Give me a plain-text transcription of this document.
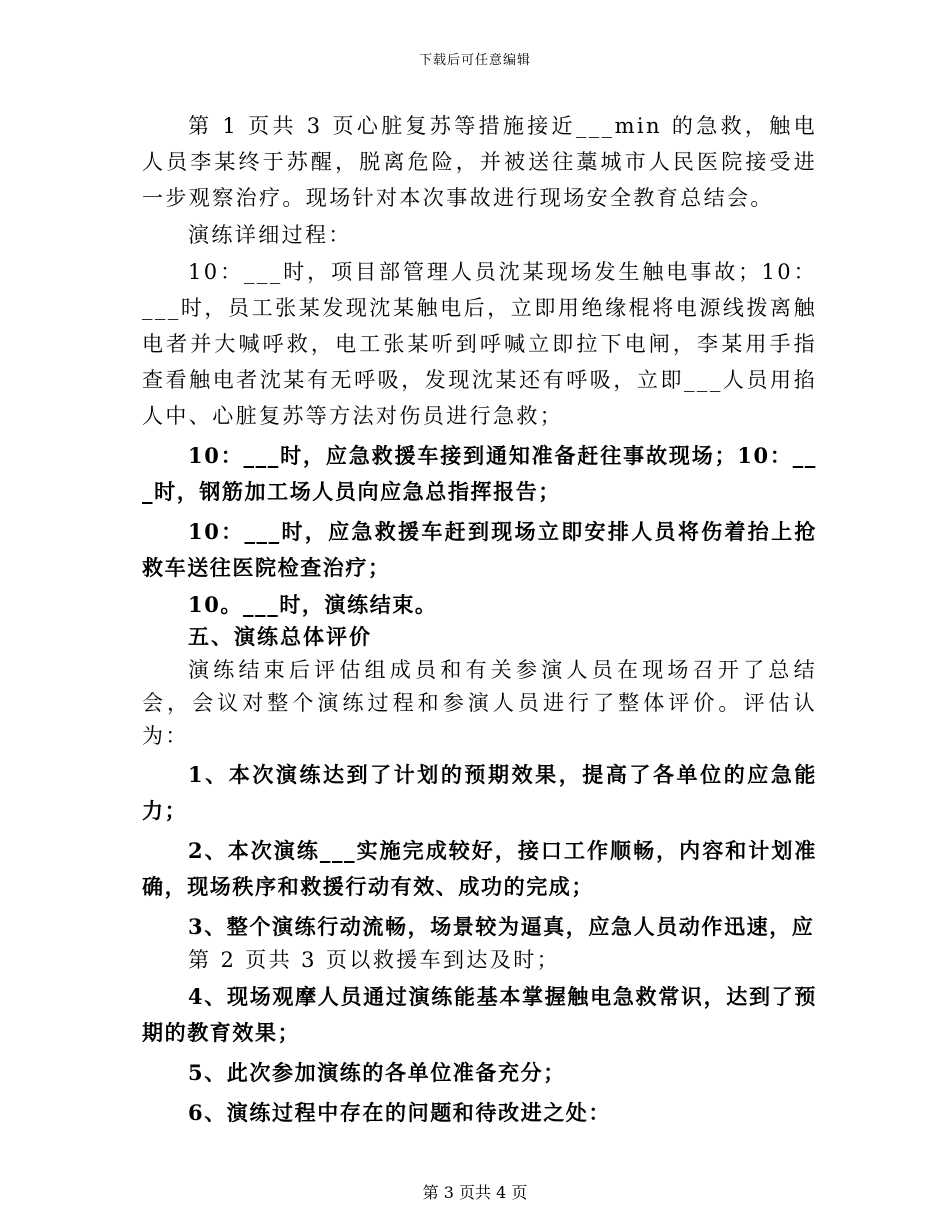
下载后可任意编辑

第 1 页共 3 页心脏复苏等措施接近___min 的急救，触电人员李某终于苏醒，脱离危险，并被送往藁城市人民医院接受进一步观察治疗。现场针对本次事故进行现场安全教育总结会。

演练详细过程：

10：___时，项目部管理人员沈某现场发生触电事故；10：___时，员工张某发现沈某触电后，立即用绝缘棍将电源线拨离触电者并大喊呼救，电工张某听到呼喊立即拉下电闸，李某用手指查看触电者沈某有无呼吸，发现沈某还有呼吸，立即___人员用掐人中、心脏复苏等方法对伤员进行急救；

10：___时，应急救援车接到通知准备赶往事故现场；10：___时，钢筋加工场人员向应急总指挥报告；

10：___时，应急救援车赶到现场立即安排人员将伤着抬上抢救车送往医院检查治疗；

10。___时，演练结束。

五、演练总体评价

演练结束后评估组成员和有关参演人员在现场召开了总结会，会议对整个演练过程和参演人员进行了整体评价。评估认为：

1、本次演练达到了计划的预期效果，提高了各单位的应急能力；

2、本次演练___实施完成较好，接口工作顺畅，内容和计划准确，现场秩序和救援行动有效、成功的完成；

3、整个演练行动流畅，场景较为逼真，应急人员动作迅速，应

第 2 页共 3 页以救援车到达及时；

4、现场观摩人员通过演练能基本掌握触电急救常识，达到了预期的教育效果；

5、此次参加演练的各单位准备充分；

6、演练过程中存在的问题和待改进之处：

第 3 页共 4 页
